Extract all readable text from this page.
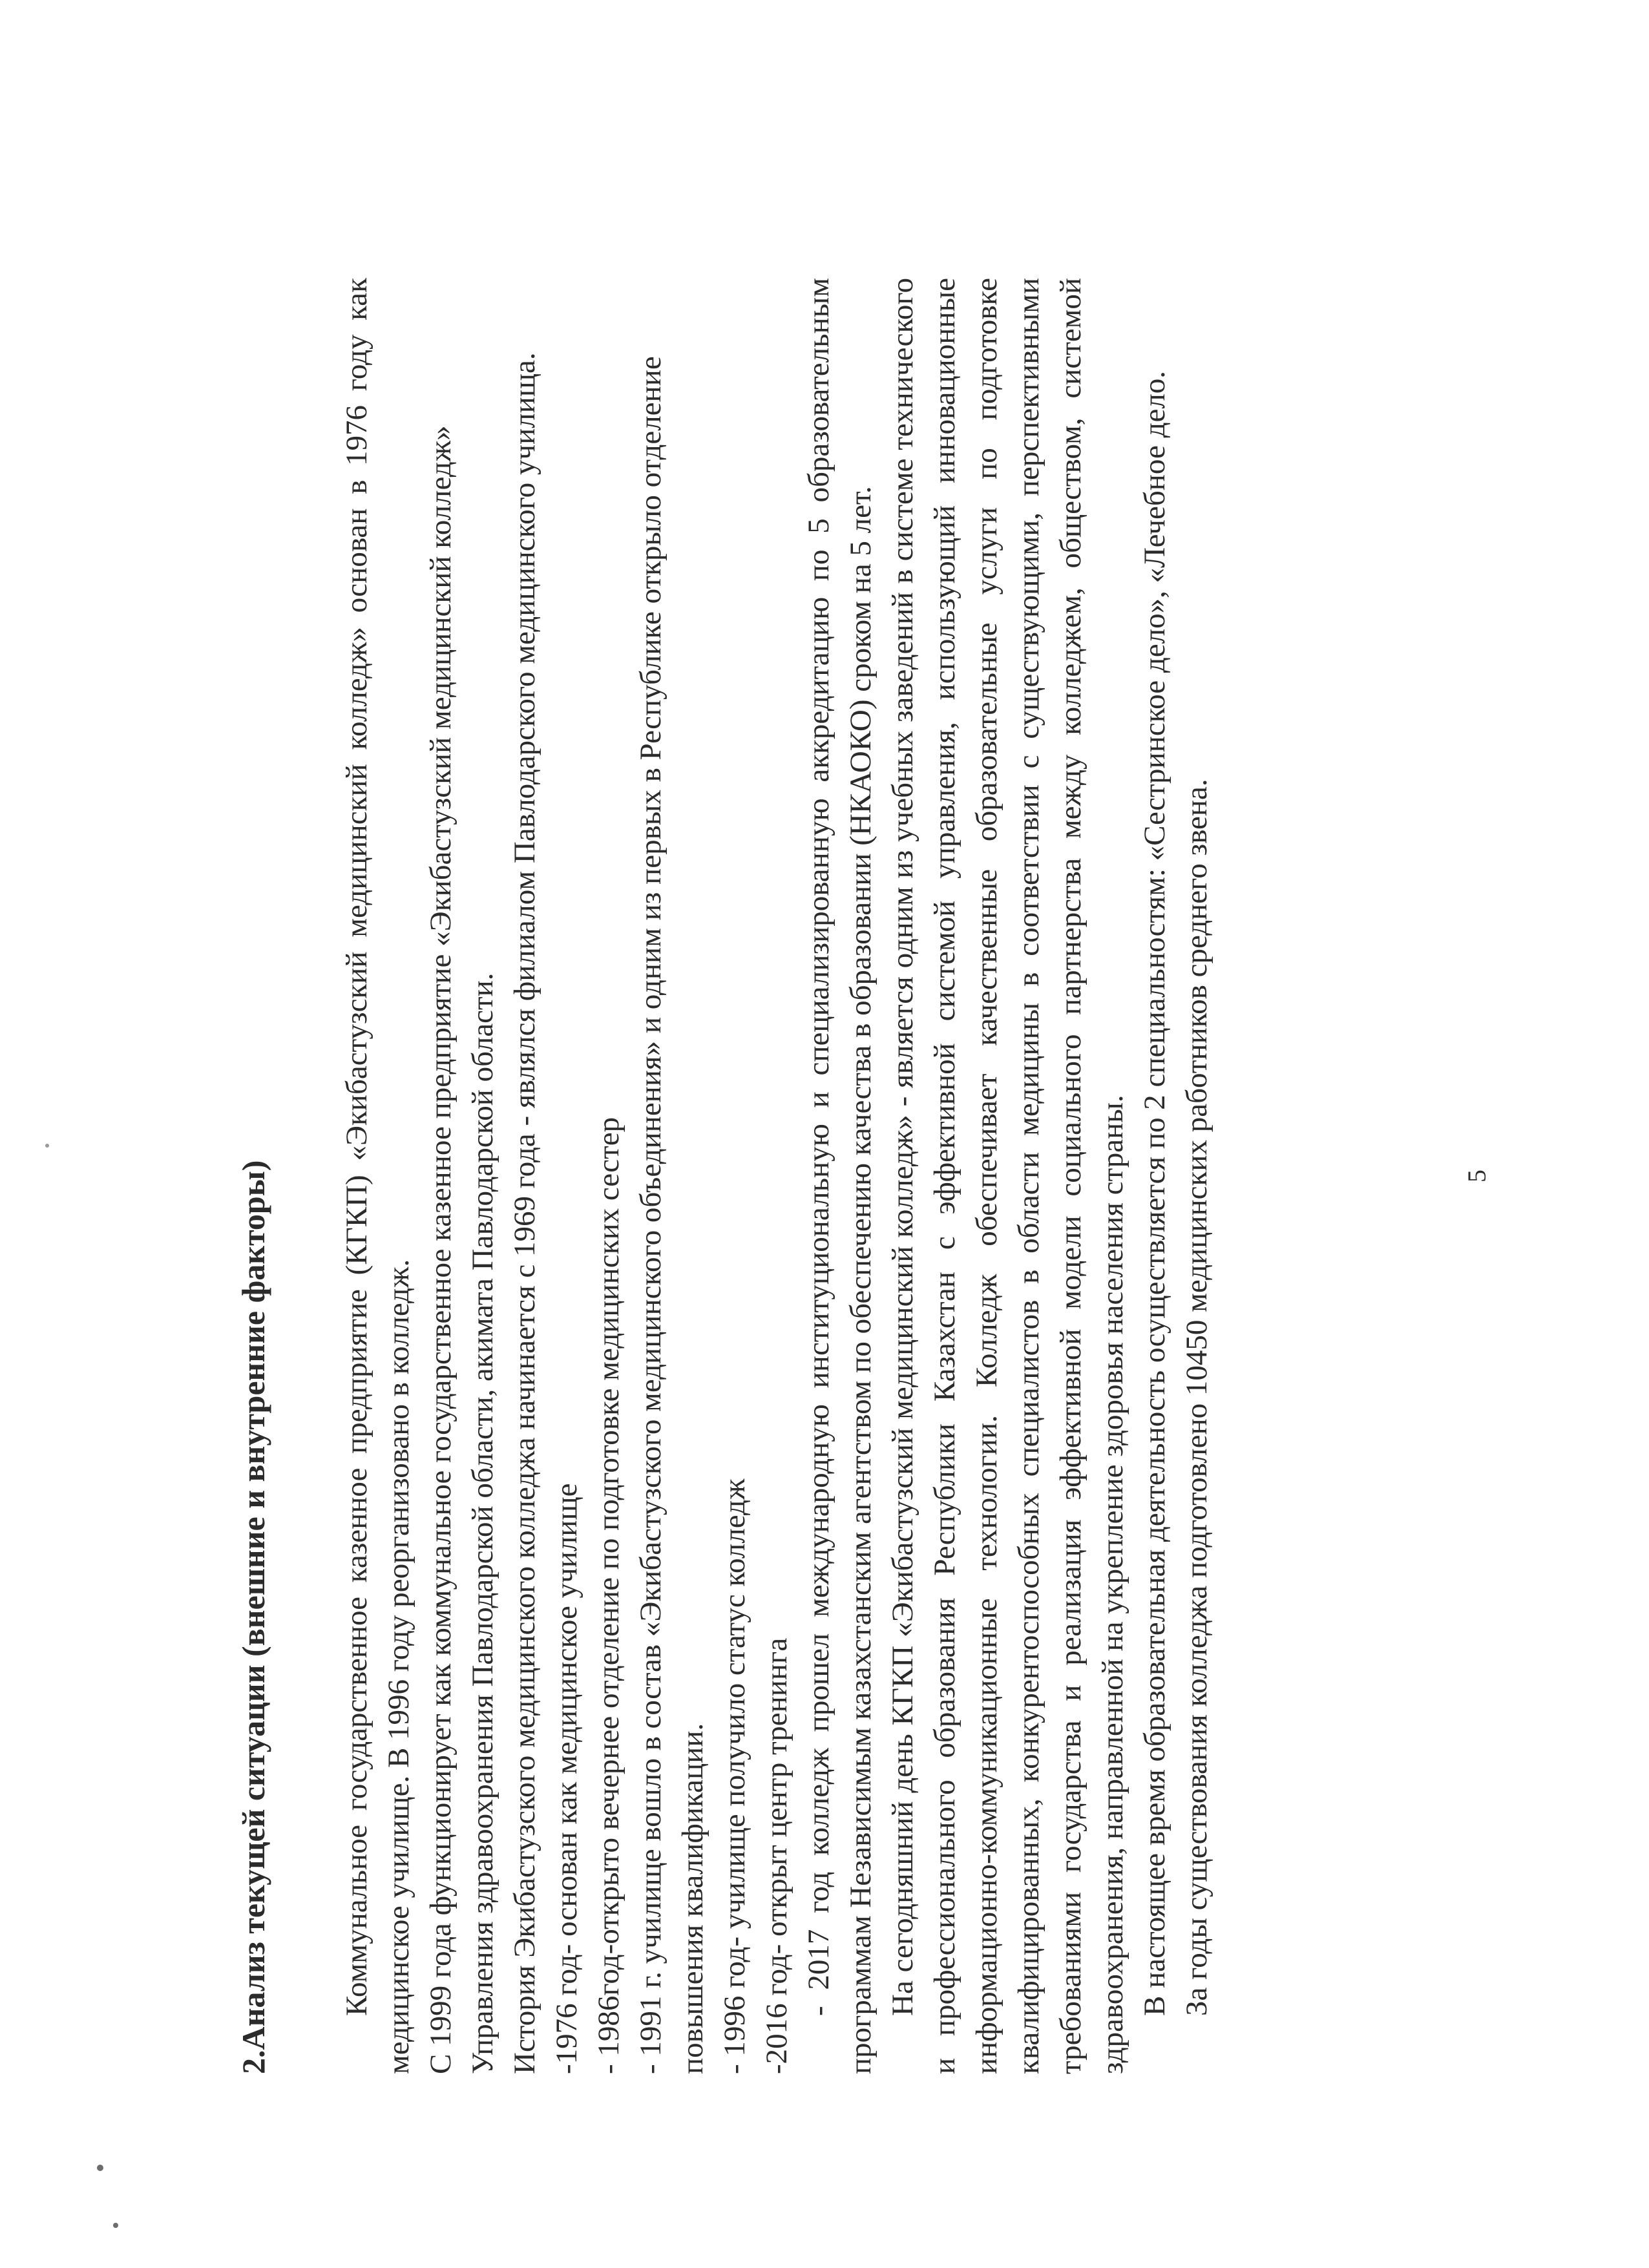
2.Анализ текущей ситуации (внешние и внутренние факторы) Коммунальное государственное казенное предприятие (КГКП) «Экибастузский медицинский колледж» основан в 1976 году как медицинское училище. В 1996 году реорганизовано в колледж. С 1999 года функционирует как коммунальное государственное казенное предприятие «Экибастузский медицинский колледж» Управления здравоохранения Павлодарской области, акимата Павлодарской области. История Экибастузского медицинского колледжа начинается с 1969 года - являлся филиалом Павлодарского медицинского училища. -1976 год- основан как медицинское училище - 1986год-открыто вечернее отделение по подготовке медицинских сестер - 1991 г. училище вошло в состав «Экибастузского медицинского объединения» и одним из первых в Республике открыло отделение повышения квалификации. - 1996 год- училище получило статус колледж -2016 год- открыт центр тренинга - 2017 год колледж прошел международную институциональную и специализированную аккредитацию по 5 образовательным программам Независимым казахстанским агентством по обеспечению качества в образовании (НКАОКО) сроком на 5 лет. На сегодняшний день КГКП «Экибастузский медицинский колледж» - является одним из учебных заведений в системе технического и профессионального образования Республики Казахстан с эффективной системой управления, использующий инновационные информационно-коммуникационные технологии. Колледж обеспечивает качественные образовательные услуги по подготовке квалифицированных, конкурентоспособных специалистов в области медицины в соответствии с существующими, перспективными требованиями государства и реализация эффективной модели социального партнерства между колледжем, обществом, системой здравоохранения, направленной на укрепление здоровья населения страны. В настоящее время образовательная деятельность осуществляется по 2 специальностям: «Сестринское дело», «Лечебное дело. За годы существования колледжа подготовлено 10450 медицинских работников среднего звена.	5
